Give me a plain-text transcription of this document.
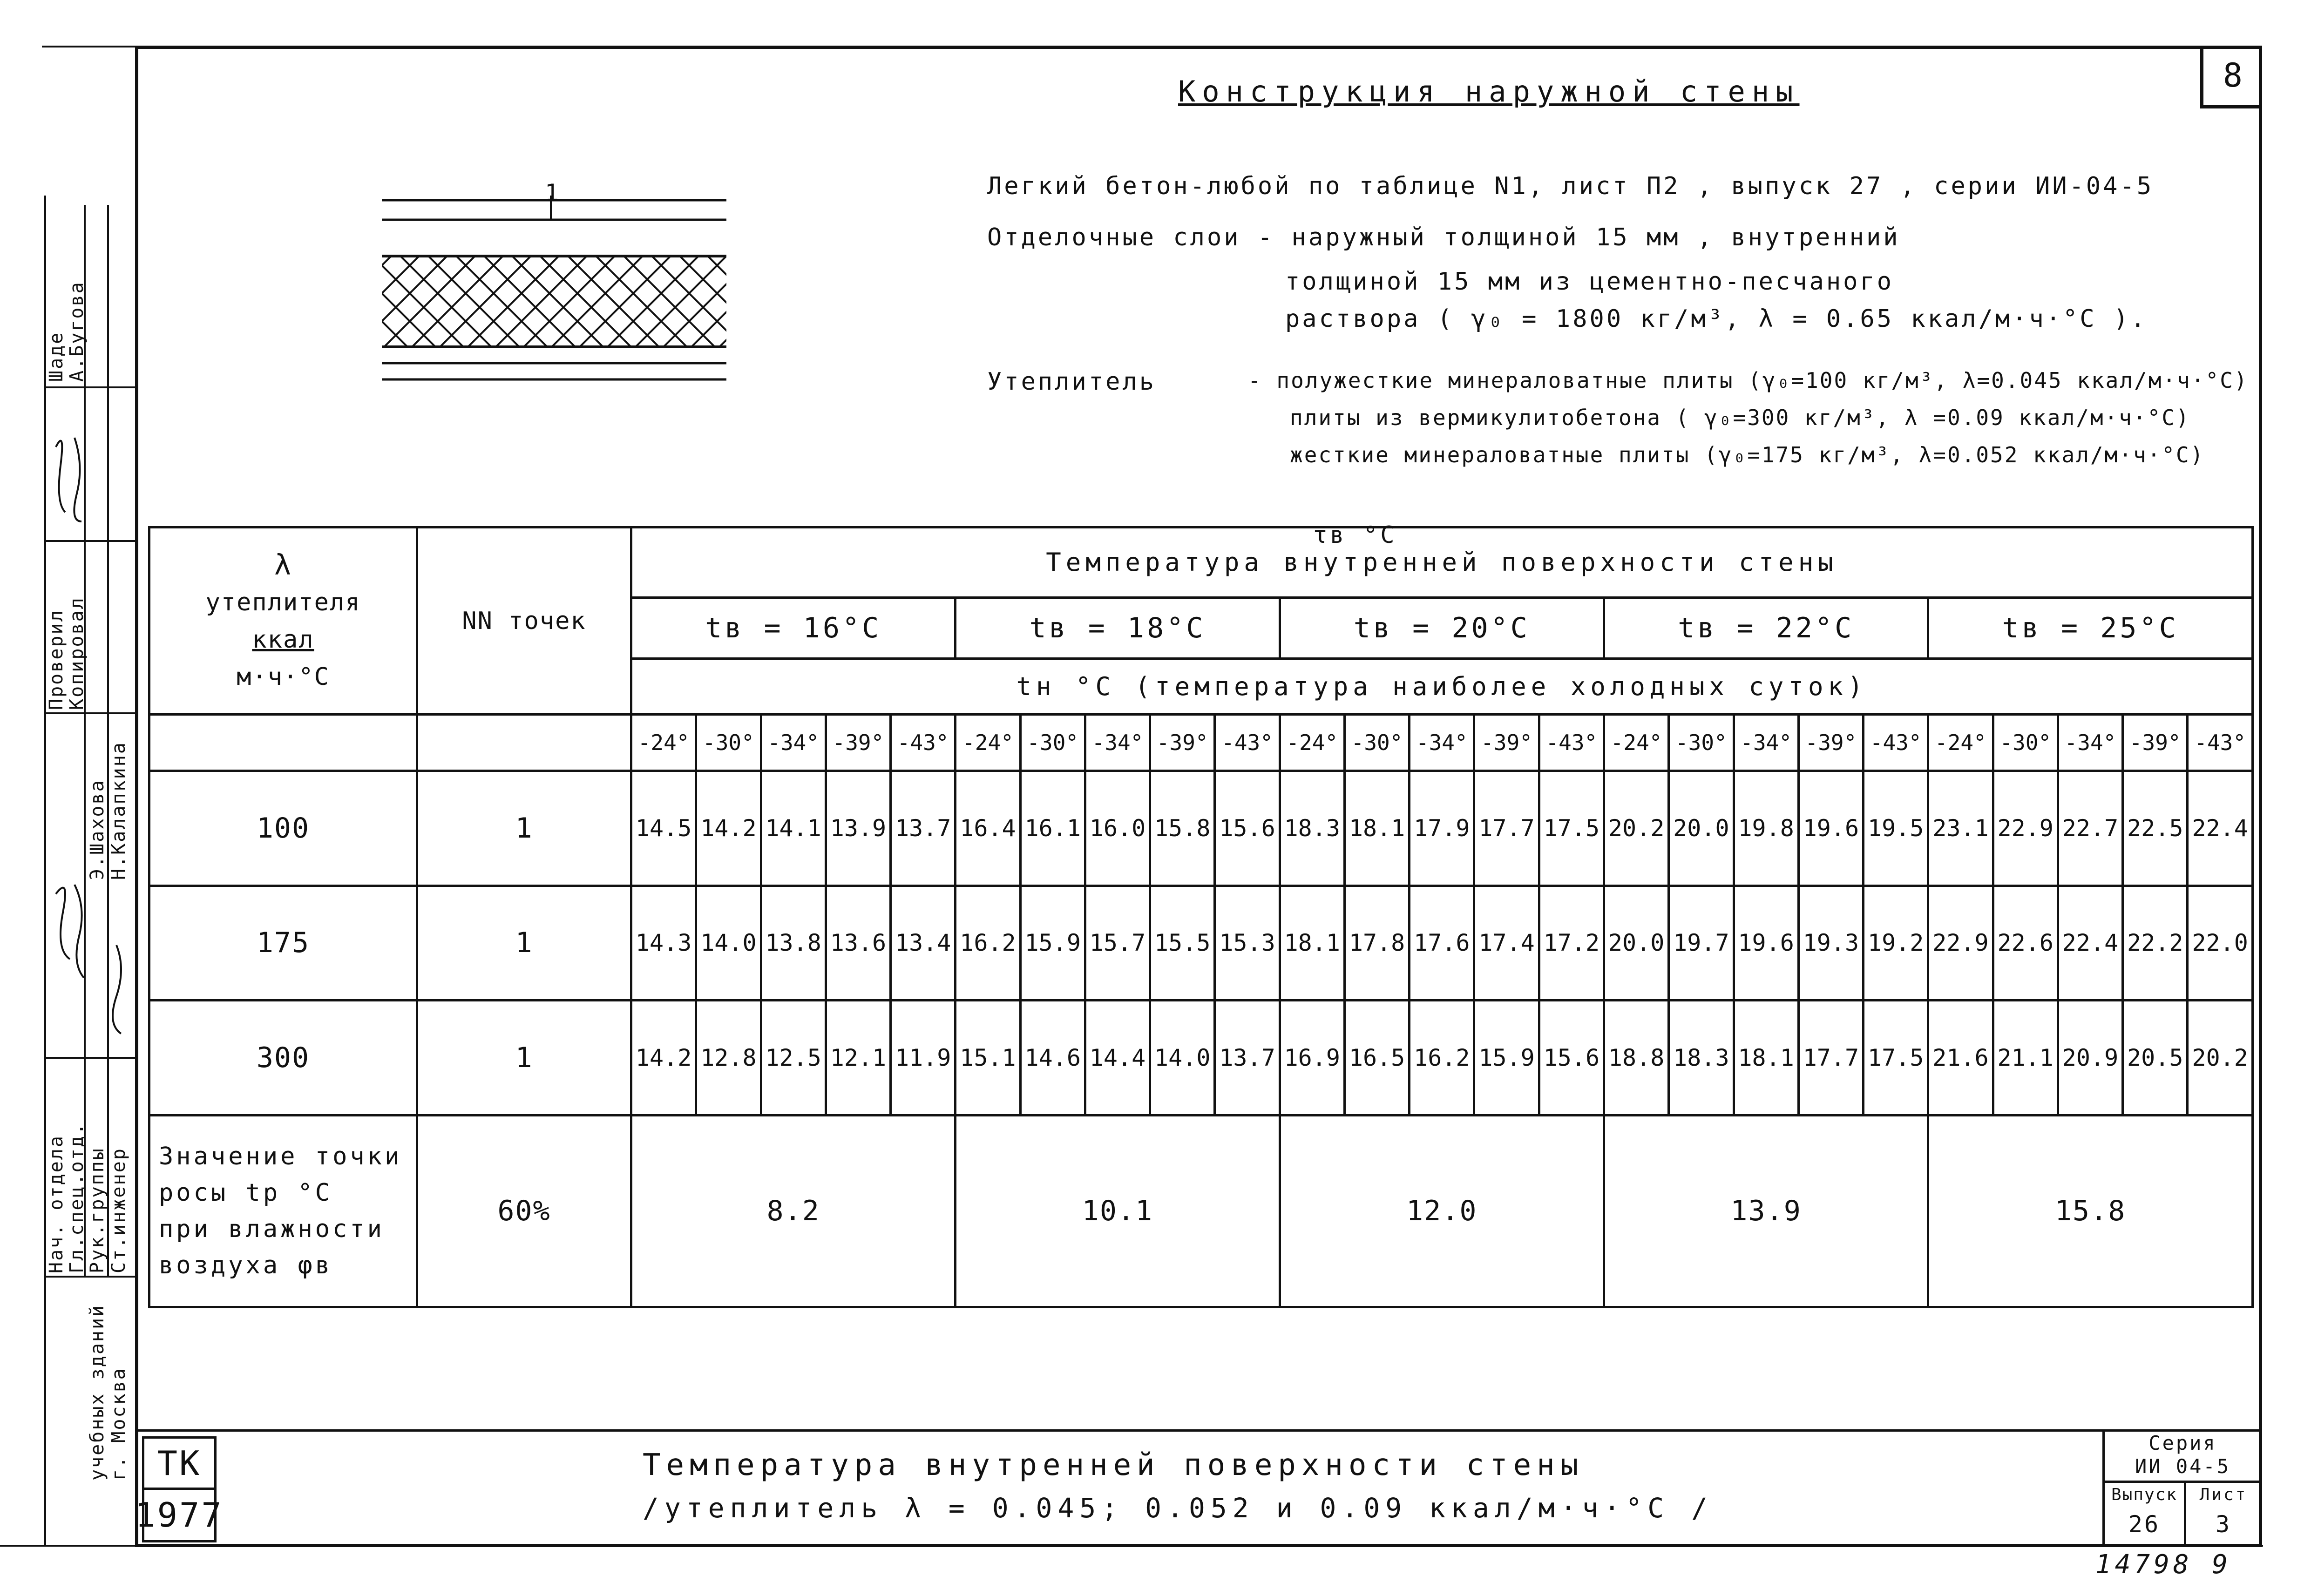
8
Конструкция наружной стены
Легкий бетон-любой по таблице N1, лист П2 , выпуск 27 , серии ИИ-04-5
Отделочные слои - наружный толщиной 15 мм , внутренний
толщиной 15 мм из цементно-песчаного
раствора ( γ₀ = 1800 кг/м³, λ = 0.65 ккал/м·ч·°С ).
Утеплитель	- полужесткие минераловатные плиты (γ₀=100 кг/м³, λ=0.045 ккал/м·ч·°С)
плиты из вермикулитобетона ( γ₀=300 кг/м³, λ =0.09 ккал/м·ч·°С)
жесткие минераловатные плиты (γ₀=175 кг/м³, λ=0.052 ккал/м·ч·°С)
1
τв °С
λ
утеплителя
ккал
м·ч·°С	NN точек	Температура внутренней поверхности стены																								
		tв = 16°С					tв = 18°С					tв = 20°С					tв = 22°С					tв = 25°С				
		tн °С (температура наиболее холодных суток)																								
		-24°	-30°	-34°	-39°	-43°	-24°	-30°	-34°	-39°	-43°	-24°	-30°	-34°	-39°	-43°	-24°	-30°	-34°	-39°	-43°	-24°	-30°	-34°	-39°	-43°
100	1	14.5	14.2	14.1	13.9	13.7	16.4	16.1	16.0	15.8	15.6	18.3	18.1	17.9	17.7	17.5	20.2	20.0	19.8	19.6	19.5	23.1	22.9	22.7	22.5	22.4
175	1	14.3	14.0	13.8	13.6	13.4	16.2	15.9	15.7	15.5	15.3	18.1	17.8	17.6	17.4	17.2	20.0	19.7	19.6	19.3	19.2	22.9	22.6	22.4	22.2	22.0
300	1	14.2	12.8	12.5	12.1	11.9	15.1	14.6	14.4	14.0	13.7	16.9	16.5	16.2	15.9	15.6	18.8	18.3	18.1	17.7	17.5	21.6	21.1	20.9	20.5	20.2

Значение точки
росы tр °С
при влажности
воздуха φв	60%	8.2					10.1					12.0					13.9					15.8				
Нач. отдела
Гл.спец.отд.
Рук.группы Ст.инженер
Проверил
Копировал
Шаде
А.Бугова
Э.Шахова Н.Калапкина
учебных зданий г. Москва ТК
1977
Температура внутренней поверхности стены
/утеплитель λ = 0.045; 0.052 и 0.09 ккал/м·ч·°С /
Серия
ИИ 04-5
Выпуск
26
Лист
3
14798 9
